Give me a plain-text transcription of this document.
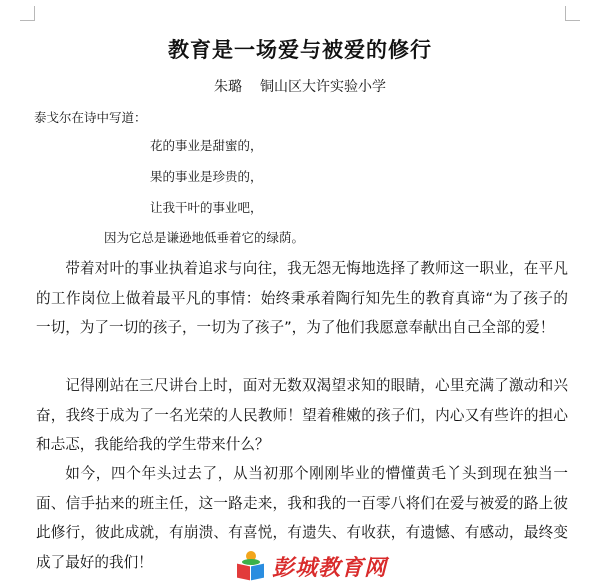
教育是一场爱与被爱的修行
朱璐 铜山区大许实验小学
泰戈尔在诗中写道：
花的事业是甜蜜的，
果的事业是珍贵的，
让我干叶的事业吧，
因为它总是谦逊地低垂着它的绿荫。

带着对叶的事业执着追求与向往，我无怨无悔地选择了教师这一职业，在平凡的工作岗位上做着最平凡的事情：始终秉承着陶行知先生的教育真谛“为了孩子的一切，为了一切的孩子，一切为了孩子”，为了他们我愿意奉献出自己全部的爱！

记得刚站在三尺讲台上时，面对无数双渴望求知的眼睛，心里充满了激动和兴奋，我终于成为了一名光荣的人民教师！望着稚嫩的孩子们，内心又有些许的担心和忐忑，我能给我的学生带来什么？

如今，四个年头过去了，从当初那个刚刚毕业的懵懂黄毛丫头到现在独当一面、信手拈来的班主任，这一路走来，我和我的一百零八将们在爱与被爱的路上彼此修行，彼此成就，有崩溃、有喜悦，有遗失、有收获，有遗憾、有感动，最终变成了最好的我们！	彭城教育网
